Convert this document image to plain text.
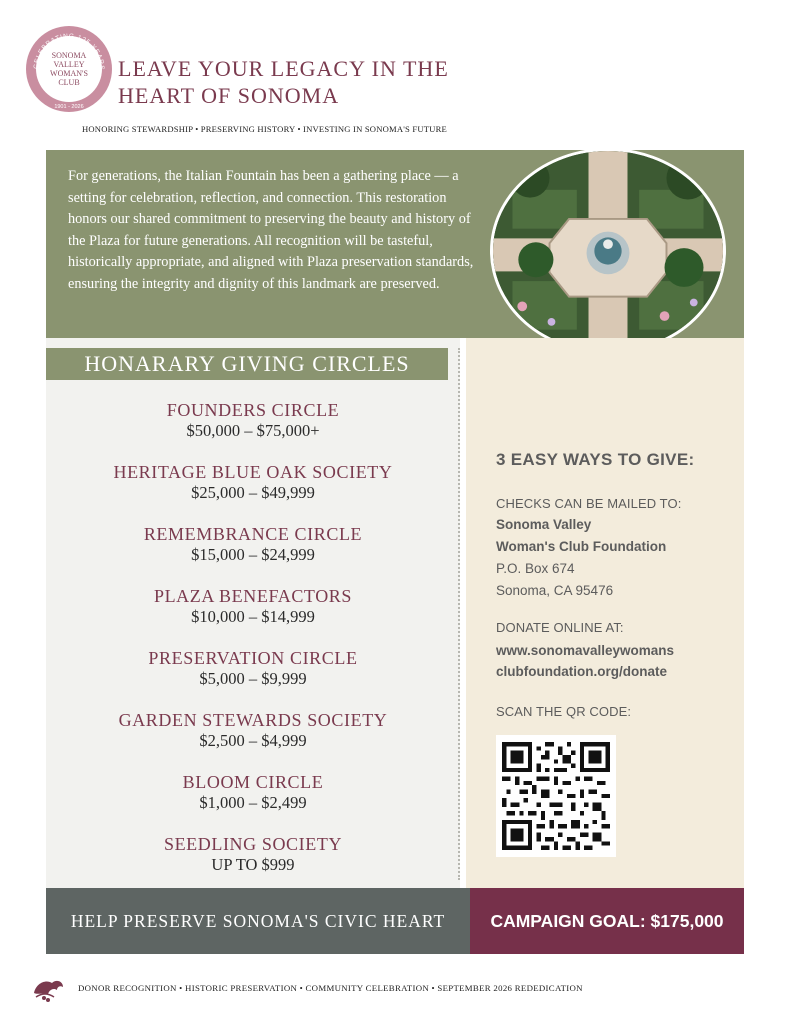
CELEBRATING 125 YEARS
SONOMA
VALLEY
WOMAN'S
CLUB
1901 - 2026
LEAVE YOUR LEGACY IN THE
HEART OF SONOMA
HONORING STEWARDSHIP • PRESERVING HISTORY • INVESTING IN SONOMA'S FUTURE
For generations, the Italian Fountain has been a gathering place — a setting for celebration, reflection, and connection. This restoration honors our shared commitment to preserving the beauty and history of the Plaza for future generations. All recognition will be tasteful, historically appropriate, and aligned with Plaza preservation standards, ensuring the integrity and dignity of this landmark are preserved.
HONARARY GIVING CIRCLES
FOUNDERS CIRCLE
$50,000 – $75,000+
HERITAGE BLUE OAK SOCIETY
$25,000 – $49,999
REMEMBRANCE CIRCLE
$15,000 – $24,999
PLAZA BENEFACTORS
$10,000 – $14,999
PRESERVATION CIRCLE
$5,000 – $9,999
GARDEN STEWARDS SOCIETY
$2,500 – $4,999
BLOOM CIRCLE
$1,000 – $2,499
SEEDLING SOCIETY
UP TO $999
3 EASY WAYS TO GIVE:
CHECKS CAN BE MAILED TO:
Sonoma Valley
Woman's Club Foundation
P.O. Box 674
Sonoma, CA 95476
DONATE ONLINE AT:
www.sonomavalleywomans
clubfoundation.org/donate
SCAN THE QR CODE:
HELP PRESERVE SONOMA'S CIVIC HEART	CAMPAIGN GOAL: $175,000
DONOR RECOGNITION • HISTORIC PRESERVATION • COMMUNITY CELEBRATION • SEPTEMBER 2026 REDEDICATION
